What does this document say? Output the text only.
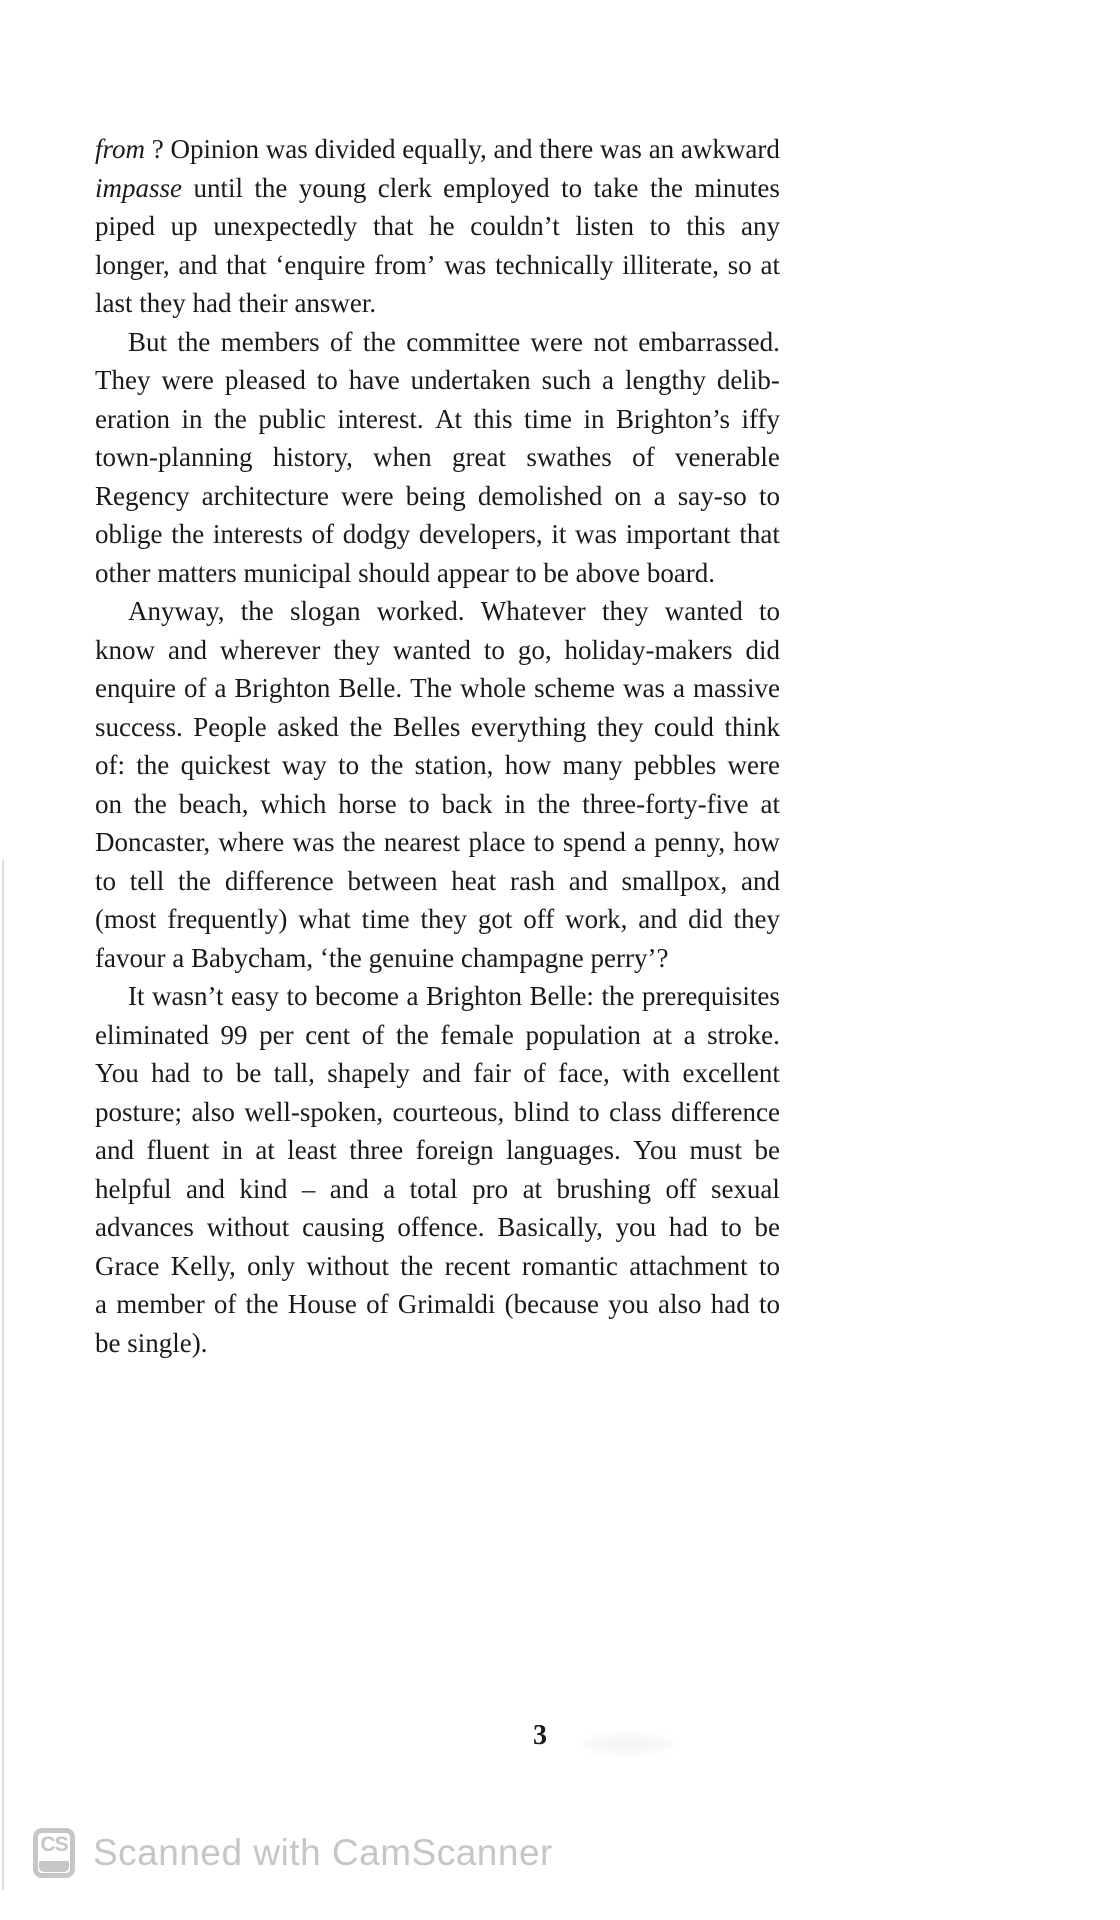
from ? Opinion was divided equally, and there was an awkward
impasse until the young clerk employed to take the minutes
piped up unexpectedly that he couldn’t listen to this any
longer, and that ‘enquire from’ was technically illiterate, so at
last they had their answer.
But the members of the committee were not embarrassed.
They were pleased to have undertaken such a lengthy delib-
eration in the public interest. At this time in Brighton’s iffy
town-planning history, when great swathes of venerable
Regency architecture were being demolished on a say-so to
oblige the interests of dodgy developers, it was important that
other matters municipal should appear to be above board.
Anyway, the slogan worked. Whatever they wanted to
know and wherever they wanted to go, holiday-makers did
enquire of a Brighton Belle. The whole scheme was a massive
success. People asked the Belles everything they could think
of: the quickest way to the station, how many pebbles were
on the beach, which horse to back in the three-forty-five at
Doncaster, where was the nearest place to spend a penny, how
to tell the difference between heat rash and smallpox, and
(most frequently) what time they got off work, and did they
favour a Babycham, ‘the genuine champagne perry’?
It wasn’t easy to become a Brighton Belle: the prerequisites
eliminated 99 per cent of the female population at a stroke.
You had to be tall, shapely and fair of face, with excellent
posture; also well-spoken, courteous, blind to class difference
and fluent in at least three foreign languages. You must be
helpful and kind – and a total pro at brushing off sexual
advances without causing offence. Basically, you had to be
Grace Kelly, only without the recent romantic attachment to
a member of the House of Grimaldi (because you also had to
be single).
3
CS Scanned with CamScanner
